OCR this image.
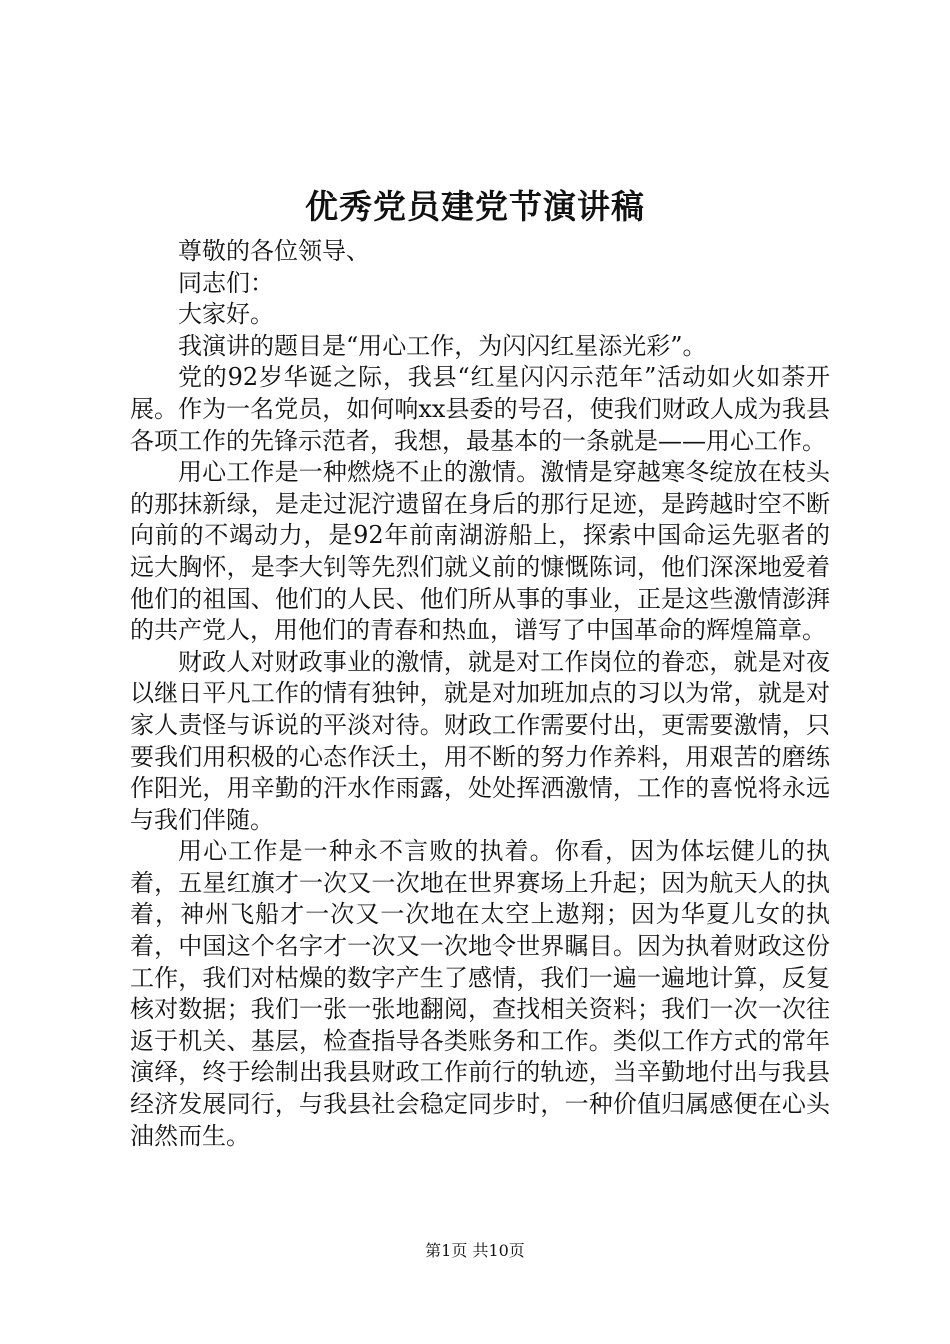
优秀党员建党节演讲稿

尊敬的各位领导、

同志们：

大家好。

我演讲的题目是“用心工作，为闪闪红星添光彩”。

党的92岁华诞之际，我县“红星闪闪示范年”活动如火如荼开展。作为一名党员，如何响xx县委的号召，使我们财政人成为我县各项工作的先锋示范者，我想，最基本的一条就是——用心工作。

用心工作是一种燃烧不止的激情。激情是穿越寒冬绽放在枝头的那抹新绿，是走过泥泞遗留在身后的那行足迹，是跨越时空不断向前的不竭动力，是92年前南湖游船上，探索中国命运先驱者的远大胸怀，是李大钊等先烈们就义前的慷慨陈词，他们深深地爱着他们的祖国、他们的人民、他们所从事的事业，正是这些激情澎湃的共产党人，用他们的青春和热血，谱写了中国革命的辉煌篇章。

财政人对财政事业的激情，就是对工作岗位的眷恋，就是对夜以继日平凡工作的情有独钟，就是对加班加点的习以为常，就是对家人责怪与诉说的平淡对待。财政工作需要付出，更需要激情，只要我们用积极的心态作沃土，用不断的努力作养料，用艰苦的磨练作阳光，用辛勤的汗水作雨露，处处挥洒激情，工作的喜悦将永远与我们伴随。

用心工作是一种永不言败的执着。你看，因为体坛健儿的执着，五星红旗才一次又一次地在世界赛场上升起；因为航天人的执着，神州飞船才一次又一次地在太空上遨翔；因为华夏儿女的执着，中国这个名字才一次又一次地令世界瞩目。因为执着财政这份工作，我们对枯燥的数字产生了感情，我们一遍一遍地计算，反复核对数据；我们一张一张地翻阅，查找相关资料；我们一次一次往返于机关、基层，检查指导各类账务和工作。类似工作方式的常年演绎，终于绘制出我县财政工作前行的轨迹，当辛勤地付出与我县经济发展同行，与我县社会稳定同步时，一种价值归属感便在心头油然而生。

第1页 共10页
